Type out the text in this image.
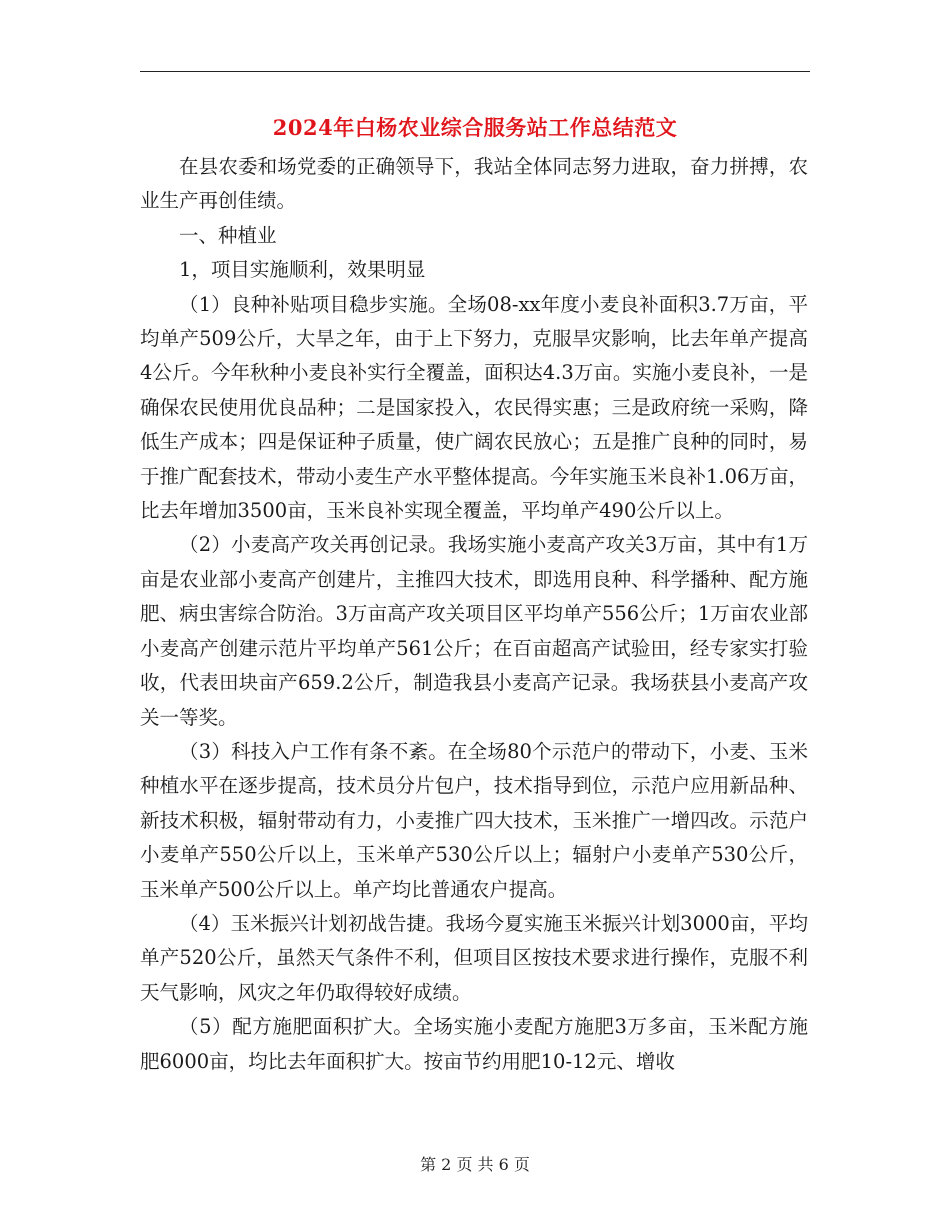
2024年白杨农业综合服务站工作总结范文

在县农委和场党委的正确领导下，我站全体同志努力进取，奋力拼搏，农业生产再创佳绩。

一、种植业

1，项目实施顺利，效果明显

（1）良种补贴项目稳步实施。全场08-xx年度小麦良补面积3.7万亩，平均单产509公斤，大旱之年，由于上下努力，克服旱灾影响，比去年单产提高4公斤。今年秋种小麦良补实行全覆盖，面积达4.3万亩。实施小麦良补，一是确保农民使用优良品种；二是国家投入，农民得实惠；三是政府统一采购，降低生产成本；四是保证种子质量，使广阔农民放心；五是推广良种的同时，易于推广配套技术，带动小麦生产水平整体提高。今年实施玉米良补1.06万亩，比去年增加3500亩，玉米良补实现全覆盖，平均单产490公斤以上。

（2）小麦高产攻关再创记录。我场实施小麦高产攻关3万亩，其中有1万亩是农业部小麦高产创建片，主推四大技术，即选用良种、科学播种、配方施肥、病虫害综合防治。3万亩高产攻关项目区平均单产556公斤；1万亩农业部小麦高产创建示范片平均单产561公斤；在百亩超高产试验田，经专家实打验收，代表田块亩产659.2公斤，制造我县小麦高产记录。我场获县小麦高产攻关一等奖。

（3）科技入户工作有条不紊。在全场80个示范户的带动下，小麦、玉米种植水平在逐步提高，技术员分片包户，技术指导到位，示范户应用新品种、新技术积极，辐射带动有力，小麦推广四大技术，玉米推广一增四改。示范户小麦单产550公斤以上，玉米单产530公斤以上；辐射户小麦单产530公斤，玉米单产500公斤以上。单产均比普通农户提高。

（4）玉米振兴计划初战告捷。我场今夏实施玉米振兴计划3000亩，平均单产520公斤，虽然天气条件不利，但项目区按技术要求进行操作，克服不利天气影响，风灾之年仍取得较好成绩。

（5）配方施肥面积扩大。全场实施小麦配方施肥3万多亩，玉米配方施肥6000亩，均比去年面积扩大。按亩节约用肥10-12元、增收

第 2 页 共 6 页
